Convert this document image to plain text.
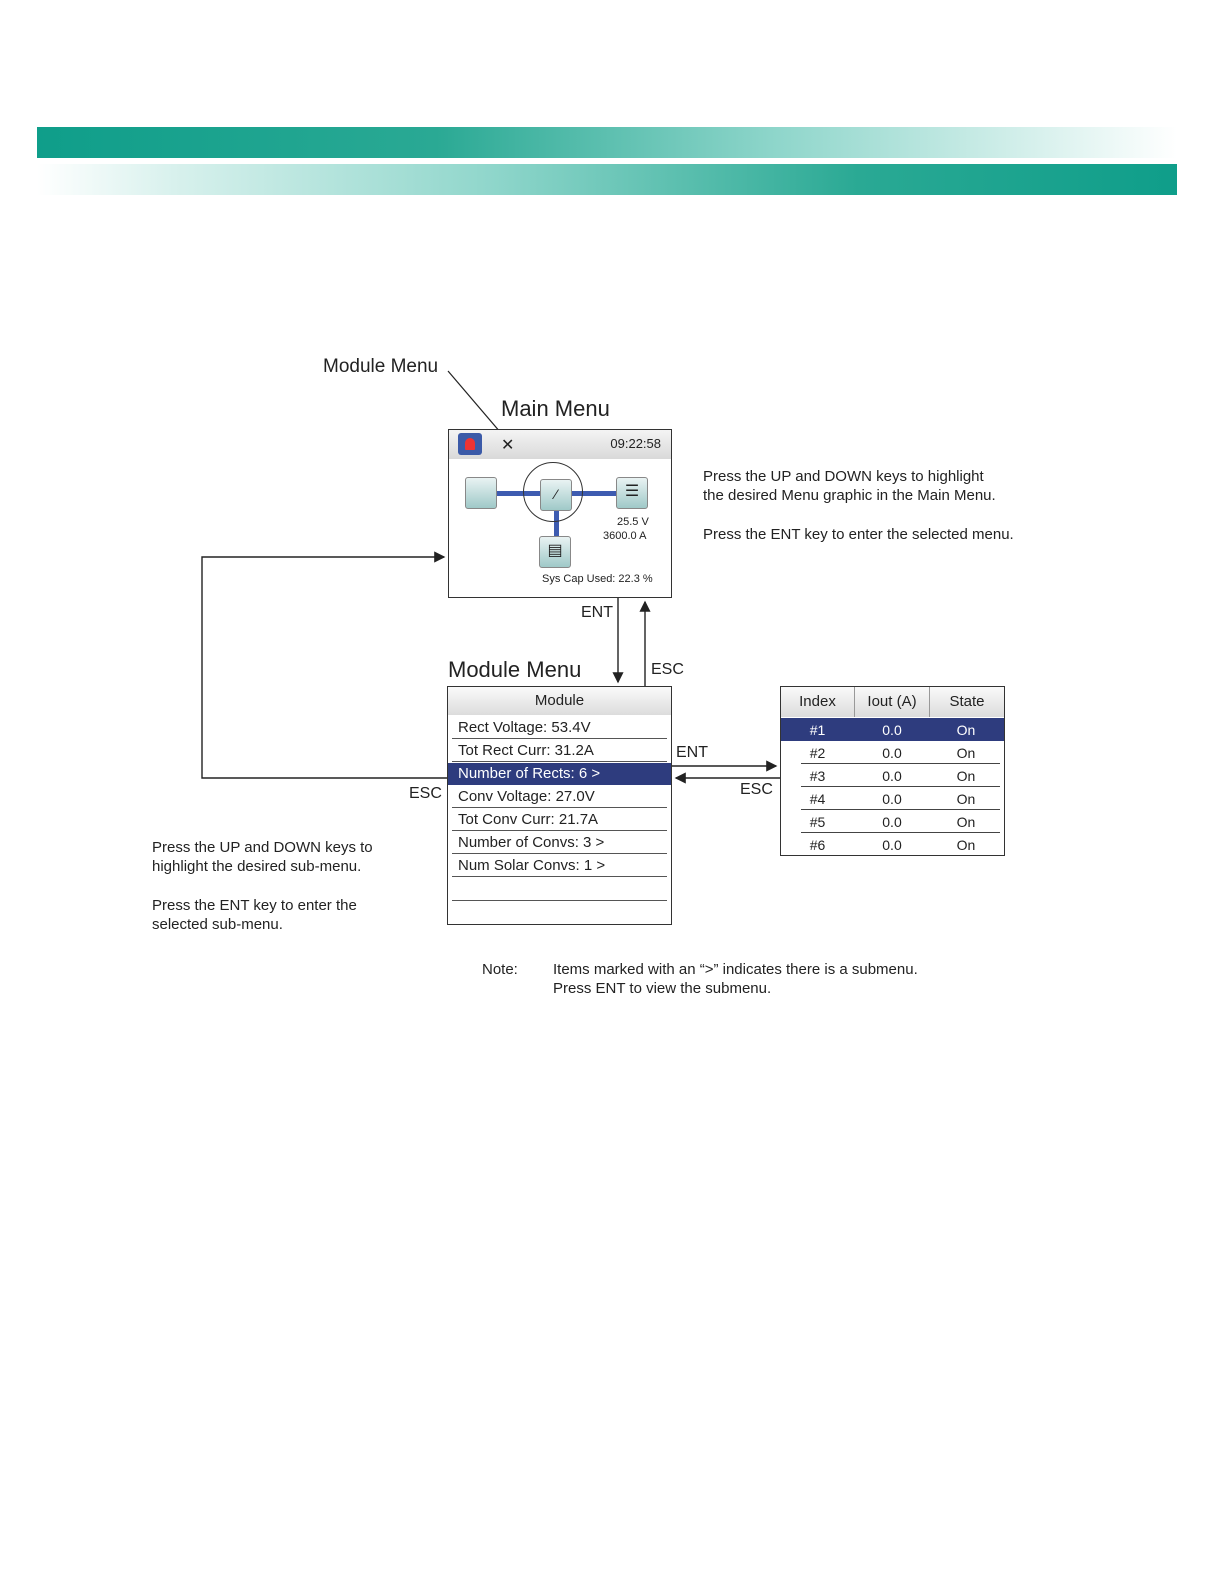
Module Menu
Main Menu
✕	09:22:58
⁄	☰
▤
25.5 V
3600.0 A
Sys Cap Used: 22.3 %
Press the UP and DOWN keys to highlight
the desired Menu graphic in the Main Menu.
Press the ENT key to enter the selected menu.
ENT
ESC
ENT
ESC
ESC
Module Menu
Module
Rect Voltage: 53.4V
Tot Rect Curr: 31.2A
Number of Rects: 6 >
Conv Voltage: 27.0V
Tot Conv Curr: 21.7A
Number of Convs: 3 >
Num Solar Convs: 1 >
Index	Iout (A)	State
#1	0.0	On
#2	0.0	On
#3	0.0	On
#4	0.0	On
#5	0.0	On
#6	0.0	On
Press the UP and DOWN keys to
highlight the desired sub-menu.
Press the ENT key to enter the
selected sub-menu.
Note: Items marked with an “>” indicates there is a submenu.
Press ENT to view the submenu.
